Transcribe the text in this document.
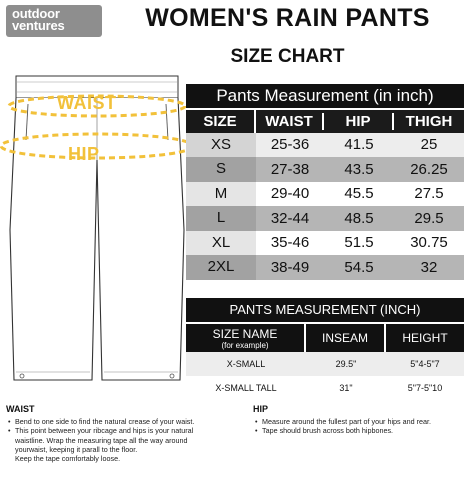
outdoor
ventures	WOMEN'S RAIN PANTS
SIZE CHART
WAIST
HIP
Pants Measurement (in inch)
SIZE	WAIST	HIP	THIGH
XS	25-36	41.5	25
S	27-38	43.5	26.25
M	29-40	45.5	27.5
L	32-44	48.5	29.5
XL	35-46	51.5	30.75
2XL	38-49	54.5	32
PANTS MEASUREMENT (INCH)
SIZE NAME
(for example)	INSEAM	HEIGHT
X-SMALL	29.5"	5"4-5"7
X-SMALL TALL	31"	5"7-5"10
WAIST
• Bend to one side to find the natural crease of your waist.
• This point between your ribcage and hips is your natural
waistline. Wrap the measuring tape all the way around
yourwaist, keeping it parall to the floor.
Keep the tape comfortably loose.
HIP
• Measure around the fullest part of your hips and rear.
• Tape should brush across both hipbones.
